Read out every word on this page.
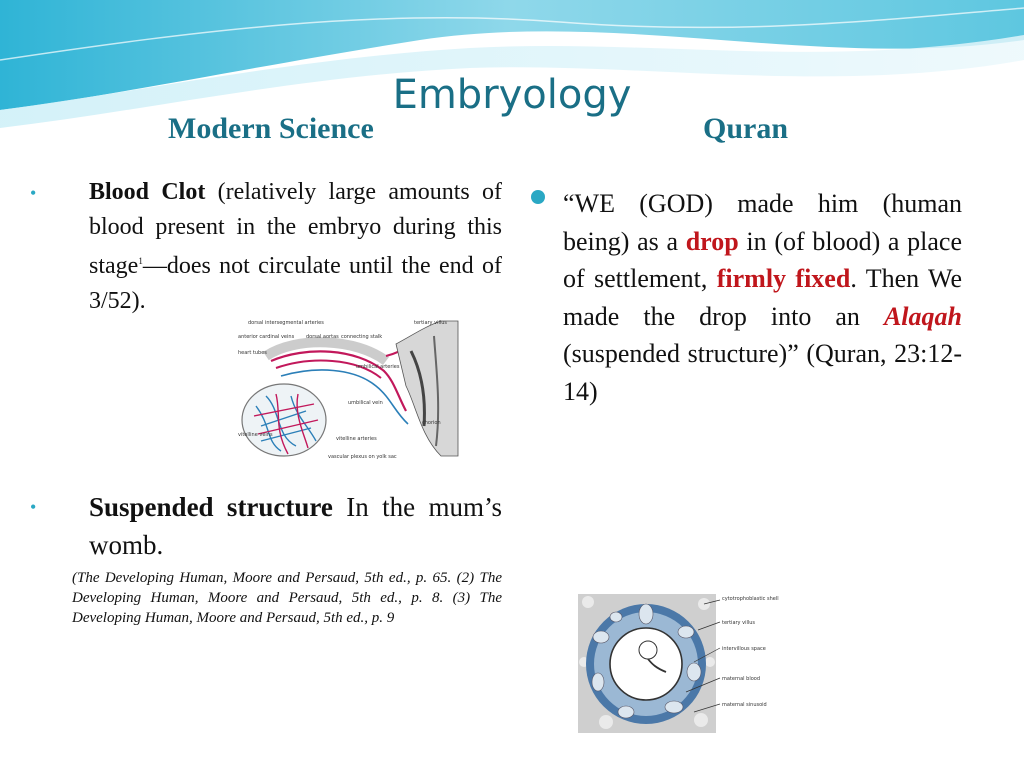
Embryology
Modern Science	Quran
• Blood Clot (relatively large amounts of blood present in the embryo during this stage$^1$—does not circulate until the end of 3/52).
dorsal intersegmental arteries	tertiary villus
anterior cardinal veins dorsal aortas connecting stalk
heart tubes
umbilical arteries
umbilical vein
chorion
vitelline veins
vitelline arteries
vascular plexus on yolk sac
• Suspended structure In the mum’s womb.
(The Developing Human, Moore and Persaud, 5th ed., p. 65. (2) The Developing Human, Moore and Persaud, 5th ed., p. 8. (3) The Developing Human, Moore and Persaud, 5th ed., p. 9
“WE (GOD) made him (human being) as a drop in (of blood) a place of settlement, firmly fixed. Then We made the drop into an Alaqah (suspended structure)” (Quran, 23:12-14)
cytotrophoblastic shell
tertiary villus
intervillous space
maternal blood
maternal sinusoid
